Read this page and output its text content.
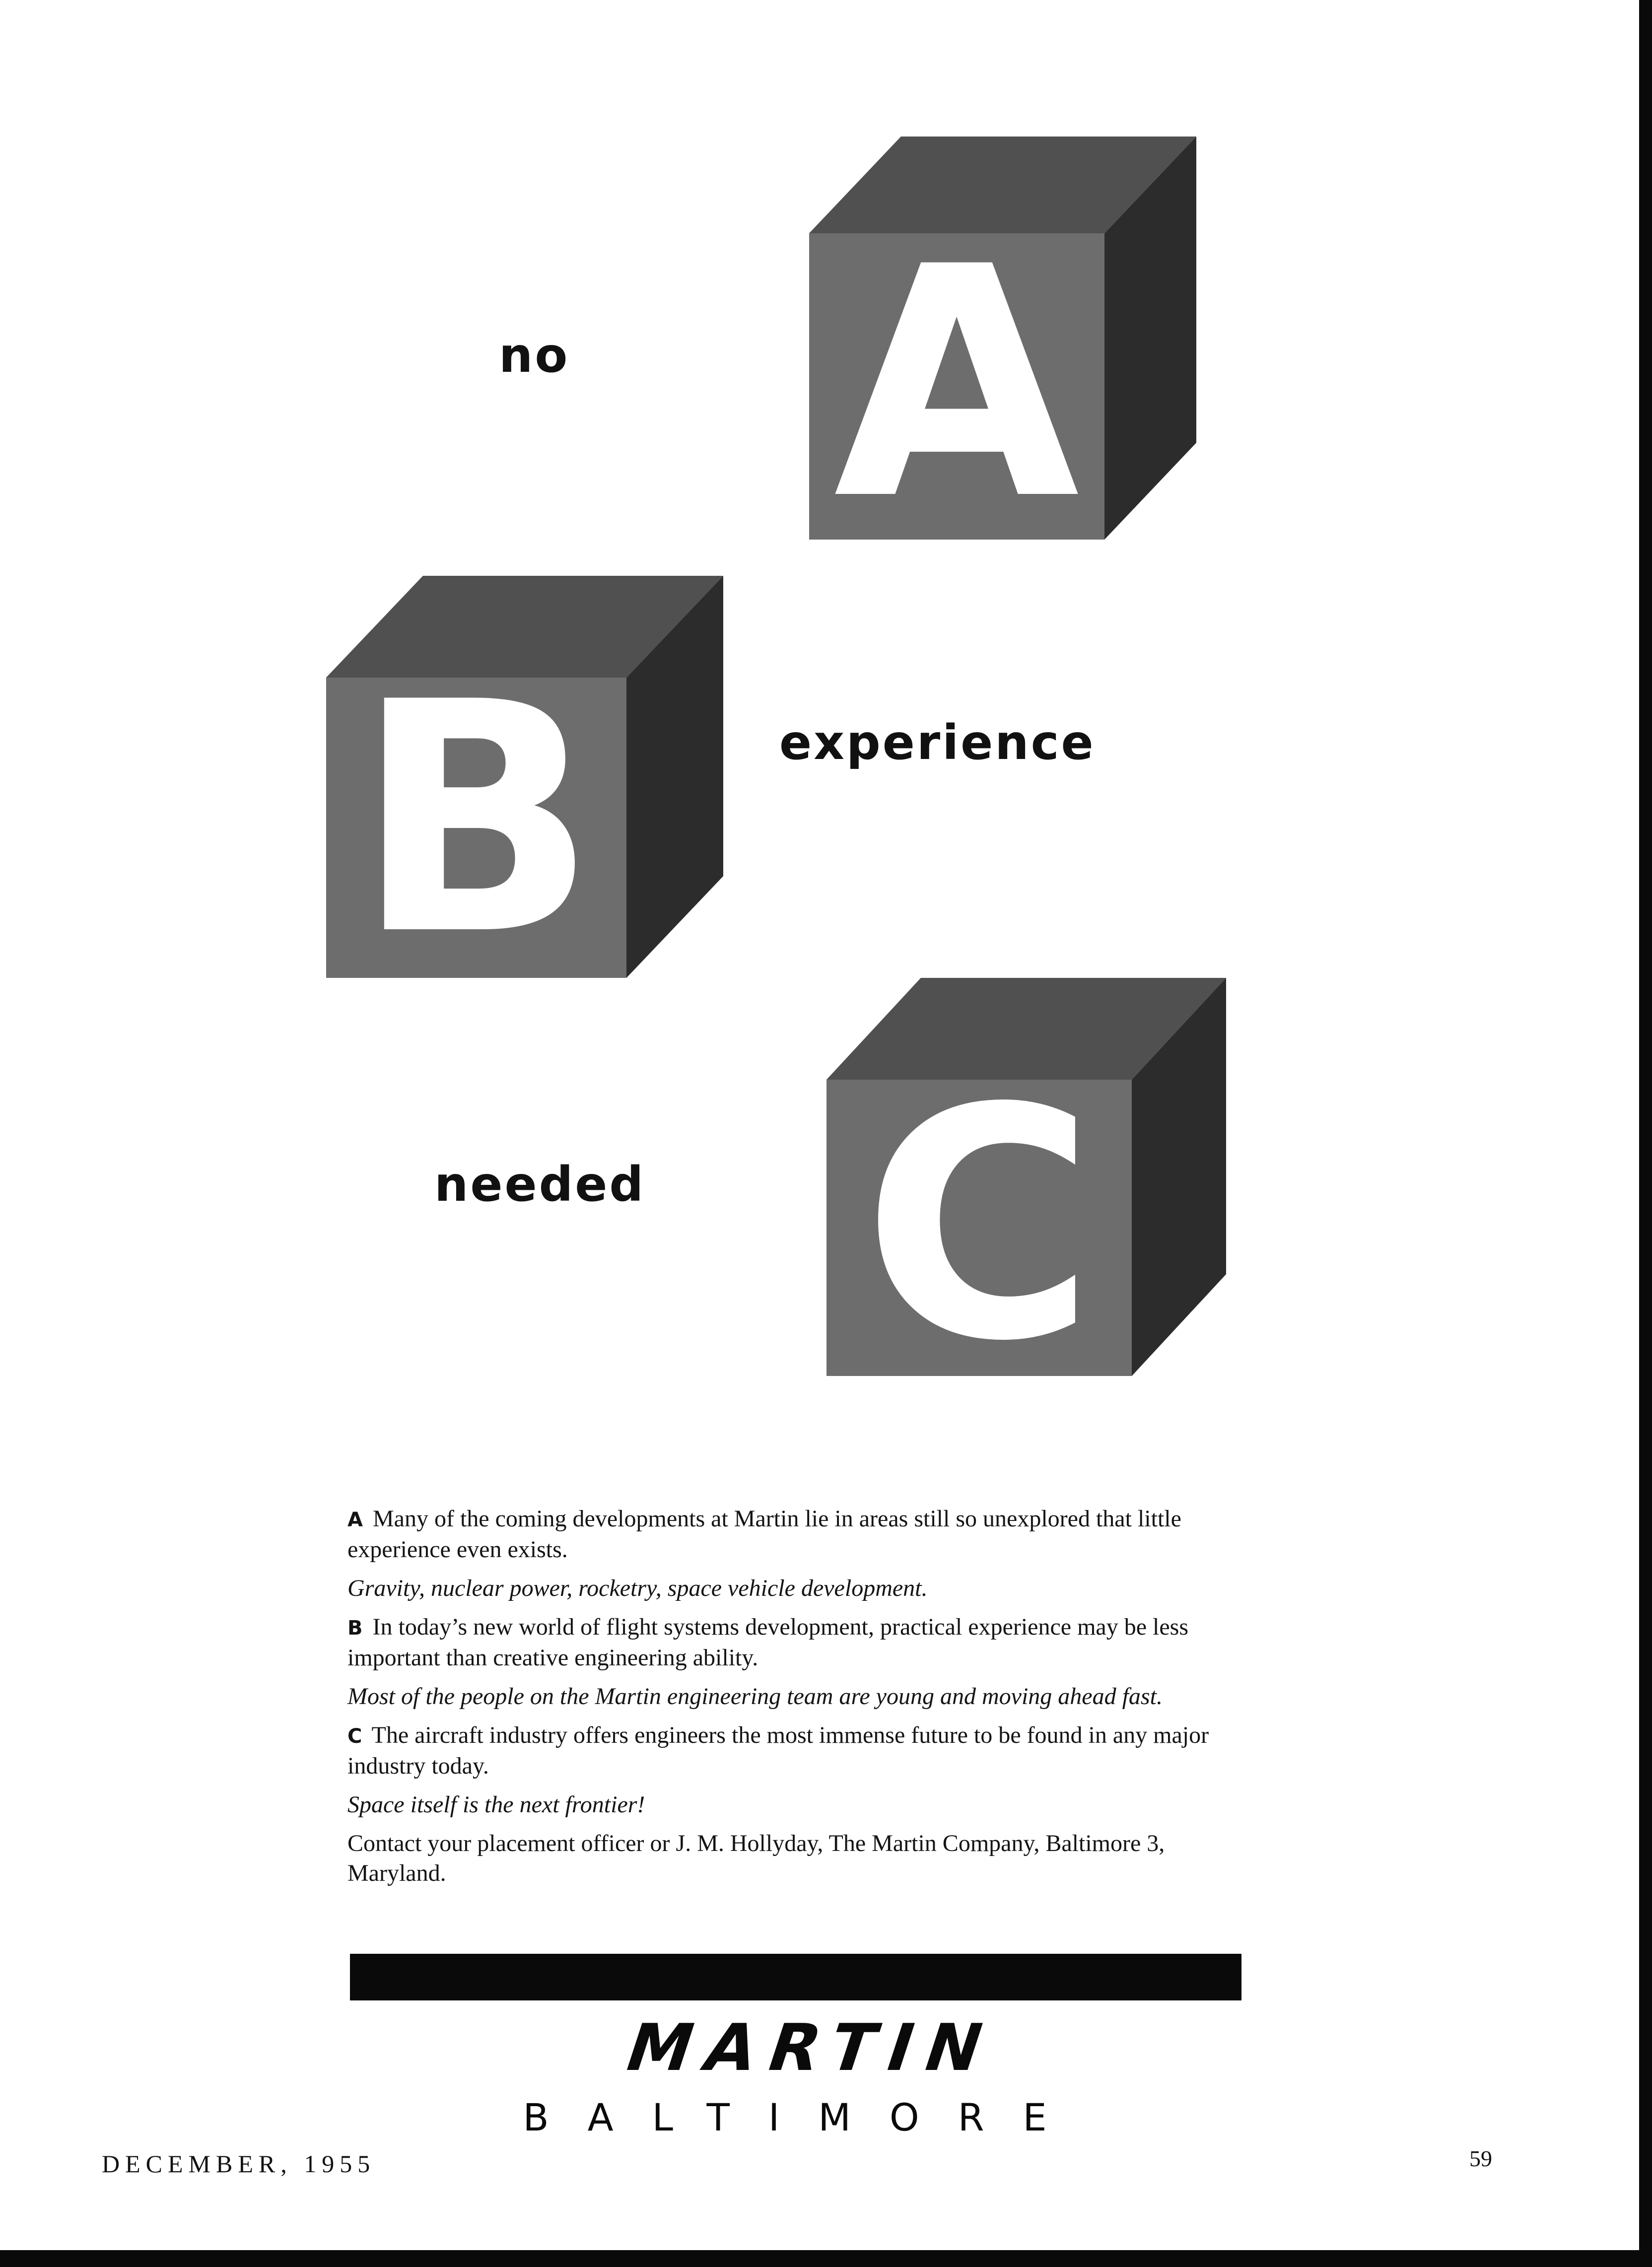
A
B
C

no

experience

needed

A Many of the coming developments at Martin lie in areas still so unexplored that little experience even exists.

Gravity, nuclear power, rocketry, space vehicle development.

B In today’s new world of flight systems development, practical experience may be less important than creative engineering ability.

Most of the people on the Martin engineering team are young and moving ahead fast.

C The aircraft industry offers engineers the most immense future to be found in any major industry today.

Space itself is the next frontier!

Contact your placement officer or J. M. Hollyday, The Martin Company, Baltimore 3, Maryland.

MARTIN
BALTIMORE
DECEMBER, 1955	59
